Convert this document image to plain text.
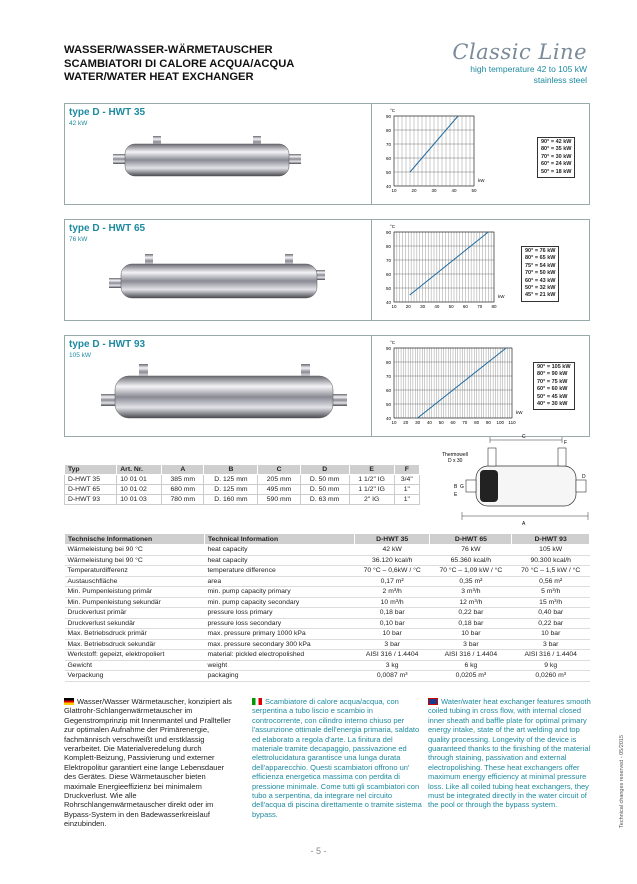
WASSER/WASSER-WÄRMETAUSCHER
SCAMBIATORI DI CALORE ACQUA/ACQUA
WATER/WATER HEAT EXCHANGER
Classic Line
high temperature 42 to 105 kW
stainless steel
type D - HWT 35
42 kW
90
80
70
60
50
40
10	20	30	40	50
°C
kW
90° = 42 kW
80° = 35 kW
70° = 30 kW
60° = 24 kW
50° = 18 kW
type D - HWT 65
76 kW
90
80
70
60
50
40
10 20 30 40 50 60 70 80
°C
kW
90° = 76 kW
80° = 65 kW
75° = 54 kW
70° = 50 kW
60° = 43 kW
50° = 32 kW
45° = 21 kW
type D - HWT 93
105 kW
90
80
70
60
50
40
10 20 30 40 50 60 70 80 90 100 110
°C
kW
90° = 105 kW
80° = 90 kW
70° = 75 kW
60° = 60 kW
50° = 45 kW
40° = 30 kW
Thermowell
D x 30
C
F
B G
E
D
A
Typ	Art. Nr.	A	B	C	D	E	F
D-HWT 35	10 01 01	385 mm	D. 125 mm	205 mm	D. 50 mm	1 1/2" IG	3/4"
D-HWT 65	10 01 02	680 mm	D. 125 mm	495 mm	D. 50 mm	1 1/2" IG	1"
D-HWT 93	10 01 03	780 mm	D. 160 mm	590 mm	D. 63 mm	2" IG	1"
Technische Informationen	Technical Information	D-HWT 35	D-HWT 65	D-HWT 93
Wärmeleistung bei 90 °C	heat capacity	42 kW	76 kW	105 kW
Wärmeleistung bei 90 °C	heat capacity	36.120 kcal/h	65.360 kcal/h	90.300 kcal/h
Temperaturdifferenz	temperature difference	70 °C – 0,6kW / °C	70 °C – 1,09 kW / °C	70 °C – 1,5 kW / °C
Austauschfläche	area	0,17 m²	0,35 m²	0,56 m²
Min. Pumpenleistung primär	min. pump capacity primary	2 m³/h	3 m³/h	5 m³/h
Min. Pumpenleistung sekundär	min. pump capacity secondary	10 m³/h	12 m³/h	15 m³/h
Druckverlust primär	pressure loss primary	0,18 bar	0,22 bar	0,40 bar
Druckverlust sekundär	pressure loss secondary	0,10 bar	0,18 bar	0,22 bar
Max. Betriebsdruck primär	max. pressure primary 1000 kPa	10 bar	10 bar	10 bar
Max. Betriebsdruck sekundär	max. pressure secondary 300 kPa	3 bar	3 bar	3 bar
Werkstoff: gepeizt, elektropoliert	material: pickled electropolished	AISI 316 / 1.4404	AISI 316 / 1.4404	AISI 316 / 1.4404
Gewicht	weight	3 kg	6 kg	9 kg
Verpackung	packaging	0,0087 m³	0,0205 m³	0,0260 m³
Wasser/Wasser Wärmetauscher, konzipiert als Glattrohr-Schlangenwärmetauscher im Gegenstromprinzip mit Innenmantel und Prallteller zur optimalen Aufnahme der Primärenergie, fachmännisch verschweißt und erstklassig verarbeitet. Die Materialveredelung durch Komplett-Beizung, Passivierung und externer Elektropolitur garantiert eine lange Lebensdauer des Gerätes. Diese Wärmetauscher bieten maximale Energieeffizienz bei minimalem Druckverlust. Wie alle Rohrschlangenwärmetauscher direkt oder im Bypass-System in den Badewasserkreislauf einzubinden.
Scambiatore di calore acqua/acqua, con serpentina a tubo liscio e scambio in controcorrente, con cilindro interno chiuso per l'assunzione ottimale dell'energia primaria, saldato ed elaborato a regola d'arte. La finitura del materiale tramite decapaggio, passivazione ed elettrolucidatura garantisce una lunga durata dell'apparecchio. Questi scambiatori offrono un' efficienza energetica massima con perdita di pressione minimale. Come tutti gli scambiatori con tubo a serpentina, da integrare nel circuito dell'acqua di piscina direttamente o tramite sistema bypass.
Water/water heat exchanger features smooth coiled tubing in cross flow, with internal closed inner sheath and baffle plate for optimal primary energy intake, state of the art welding and top quality processing. Longevity of the device is guaranteed thanks to the finishing of the material through staining, passivation and external electropolishing. These heat exchangers offer maximum energy efficiency at minimal pressure loss. Like all coiled tubing heat exchangers, they must be integrated directly in the water circuit of the pool or through the bypass system.	Technical changes reserved - 05/2015
- 5 -
